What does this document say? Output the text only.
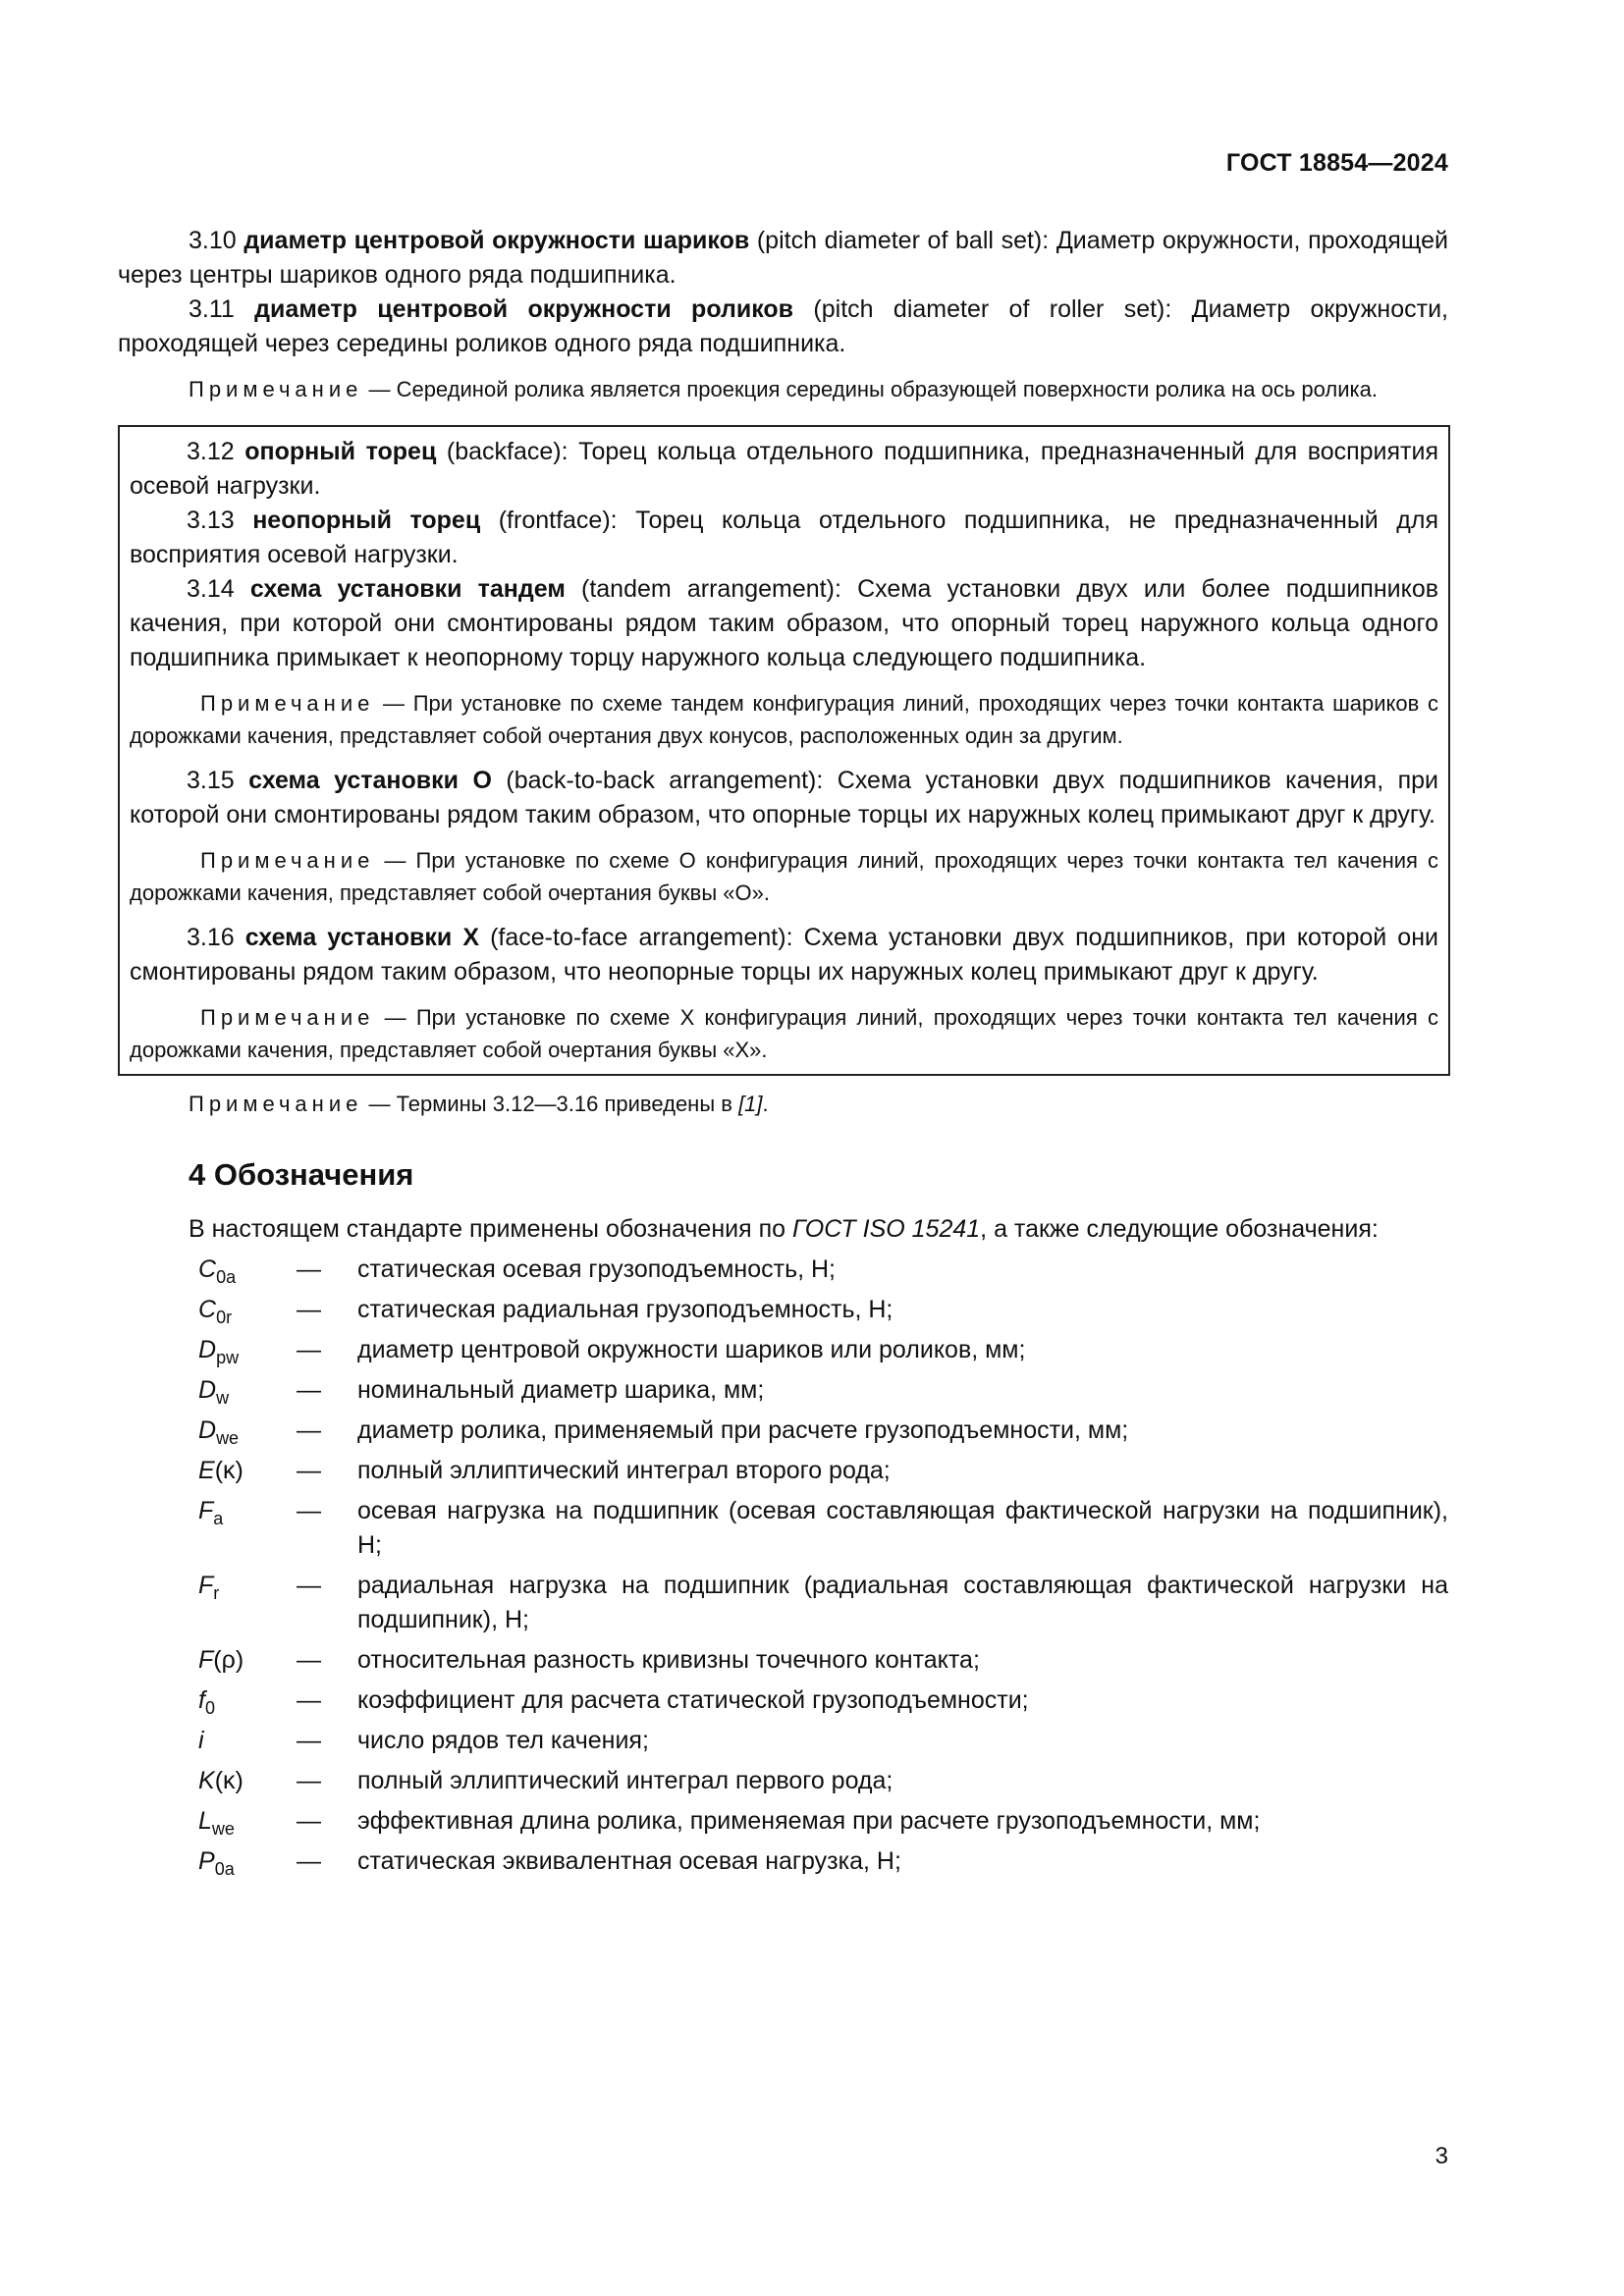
ГОСТ 18854—2024

3.10 диаметр центровой окружности шариков (pitch diameter of ball set): Диаметр окружности, проходящей через центры шариков одного ряда подшипника.

3.11 диаметр центровой окружности роликов (pitch diameter of roller set): Диаметр окружности, проходящей через середины роликов одного ряда подшипника.

Примечание — Серединой ролика является проекция середины образующей поверхности ролика на ось ролика.

3.12 опорный торец (backface): Торец кольца отдельного подшипника, предназначенный для восприятия осевой нагрузки.

3.13 неопорный торец (frontface): Торец кольца отдельного подшипника, не предназначенный для восприятия осевой нагрузки.

3.14 схема установки тандем (tandem arrangement): Схема установки двух или более подшипников качения, при которой они смонтированы рядом таким образом, что опорный торец наружного кольца одного подшипника примыкает к неопорному торцу наружного кольца следующего подшипника.

Примечание — При установке по схеме тандем конфигурация линий, проходящих через точки контакта шариков с дорожками качения, представляет собой очертания двух конусов, расположенных один за другим.

3.15 схема установки О (back-to-back arrangement): Схема установки двух подшипников качения, при которой они смонтированы рядом таким образом, что опорные торцы их наружных колец примыкают друг к другу.

Примечание — При установке по схеме О конфигурация линий, проходящих через точки контакта тел качения с дорожками качения, представляет собой очертания буквы «О».

3.16 схема установки Х (face-to-face arrangement): Схема установки двух подшипников, при которой они смонтированы рядом таким образом, что неопорные торцы их наружных колец примыкают друг к другу.

Примечание — При установке по схеме Х конфигурация линий, проходящих через точки контакта тел качения с дорожками качения, представляет собой очертания буквы «Х».

Примечание — Термины 3.12—3.16 приведены в [1].

4 Обозначения

В настоящем стандарте применены обозначения по ГОСТ ISO 15241, а также следующие обозначения:

$C_{0a}$	—	статическая осевая грузоподъемность, Н;
$C_{0r}$	—	статическая радиальная грузоподъемность, Н;
$D_{pw}$	—	диаметр центровой окружности шариков или роликов, мм;
$D_w$	—	номинальный диаметр шарика, мм;
$D_{we}$	—	диаметр ролика, применяемый при расчете грузоподъемности, мм;
E(κ)	—	полный эллиптический интеграл второго рода;
$F_a$	—	осевая нагрузка на подшипник (осевая составляющая фактической нагрузки на подшипник), Н;
$F_r$	—	радиальная нагрузка на подшипник (радиальная составляющая фактической нагрузки на подшипник), Н;
F(ρ)	—	относительная разность кривизны точечного контакта;
$f_0$	—	коэффициент для расчета статической грузоподъемности;
i	—	число рядов тел качения;
K(κ)	—	полный эллиптический интеграл первого рода;
$L_{we}$	—	эффективная длина ролика, применяемая при расчете грузоподъемности, мм;
$P_{0a}$	—	статическая эквивалентная осевая нагрузка, Н;
3
